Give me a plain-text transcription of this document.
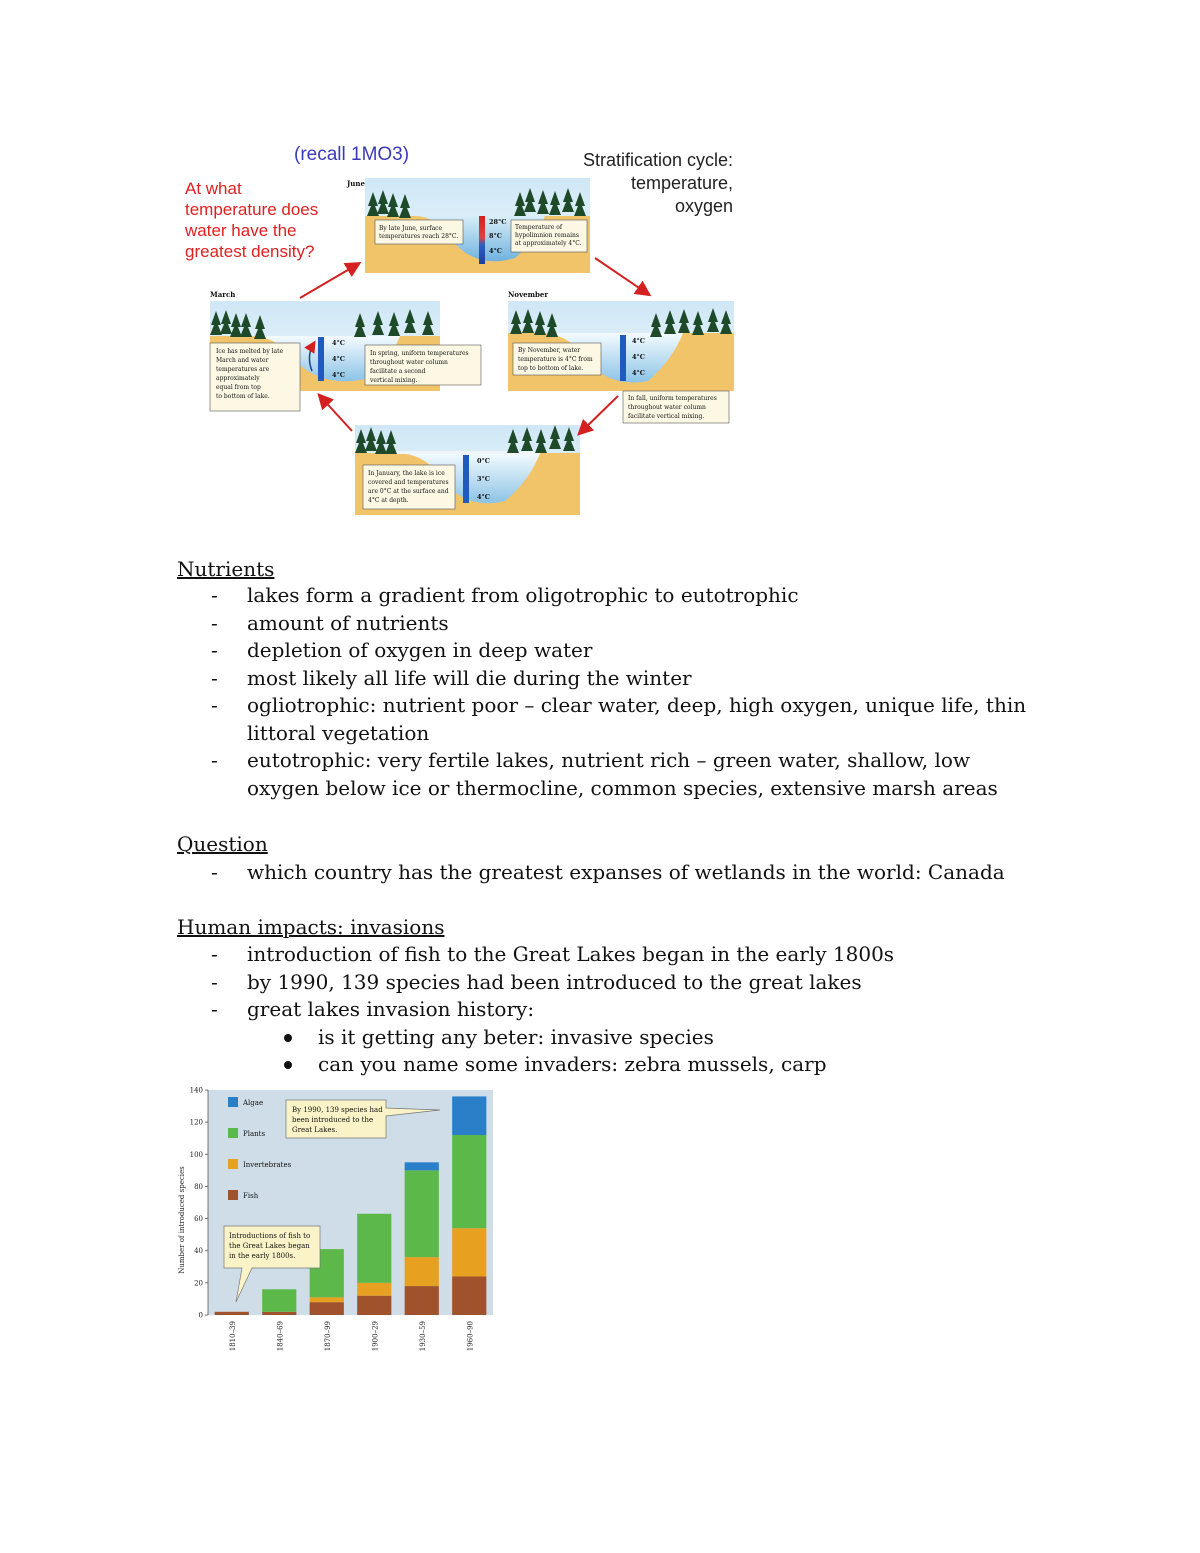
(recall 1MO3)
At what
temperature does
water have the
greatest density?
Stratification cycle:
temperature,
oxygen
June
28°C
8°C
4°C
By late June, surface
temperatures reach 28°C.
Temperature of
hypolimnion remains
at approximately 4°C.
March
4°C
4°C
4°C
Ice has melted by late
March and water
temperatures are
approximately
equal from top
to bottom of lake.
In spring, uniform temperatures
throughout water column
facilitate a second
vertical mixing.
November
4°C
4°C
4°C
By November, water
temperature is 4°C from
top to bottom of lake.
In fall, uniform temperatures
throughout water column
facilitate vertical mixing.
0°C
3°C
4°C
In January, the lake is ice
covered and temperatures
are 0°C at the surface and
4°C at depth.
Nutrients
- lakes form a gradient from oligotrophic to eutotrophic
- amount of nutrients
- depletion of oxygen in deep water
- most likely all life will die during the winter
- ogliotrophic: nutrient poor – clear water, deep, high oxygen, unique life, thin littoral vegetation
- eutotrophic: very fertile lakes, nutrient rich – green water, shallow, low oxygen below ice or thermocline, common species, extensive marsh areas
Question
- which country has the greatest expanses of wetlands in the world: Canada
Human impacts: invasions
- introduction of fish to the Great Lakes began in the early 1800s
- by 1990, 139 species had been introduced to the great lakes
- great lakes invasion history:
is it getting any beter: invasive species
can you name some invaders: zebra mussels, carp
0
20
40
60
80
100
120
140
1810–39	1840–69	1870–99	1900–29	1930–59	1960–90
Number of introduced species
Algae
Plants
Invertebrates
Fish
By 1990, 139 species had
been introduced to the
Great Lakes.
Introductions of fish to
the Great Lakes began
in the early 1800s.
